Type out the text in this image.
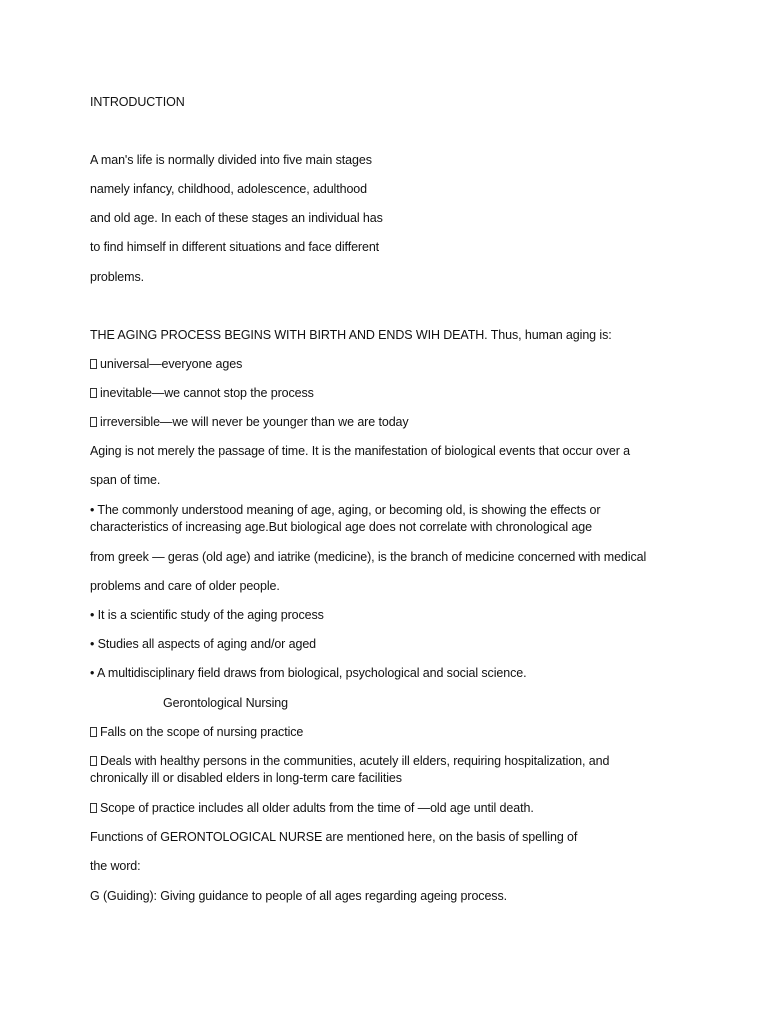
INTRODUCTION
A man's life is normally divided into five main stages
namely infancy, childhood, adolescence, adulthood
and old age. In each of these stages an individual has
to find himself in different situations and face different
problems.
THE AGING PROCESS BEGINS WITH BIRTH AND ENDS WIH DEATH. Thus, human aging is:
universal—everyone ages
inevitable—we cannot stop the process
irreversible—we will never be younger than we are today
Aging is not merely the passage of time. It is the manifestation of biological events that occur over a
span of time.
• The commonly understood meaning of age, aging, or becoming old, is showing the effects or characteristics of increasing age.But biological age does not correlate with chronological age
from greek — geras (old age) and iatrike (medicine), is the branch of medicine concerned with medical
problems and care of older people.
• It is a scientific study of the aging process
• Studies all aspects of aging and/or aged
• A multidisciplinary field draws from biological, psychological and social science.
Gerontological Nursing
Falls on the scope of nursing practice
Deals with healthy persons in the communities, acutely ill elders, requiring hospitalization, and chronically ill or disabled elders in long-term care facilities
Scope of practice includes all older adults from the time of —old age until death.
Functions of GERONTOLOGICAL NURSE are mentioned here, on the basis of spelling of
the word:
G (Guiding): Giving guidance to people of all ages regarding ageing process.
